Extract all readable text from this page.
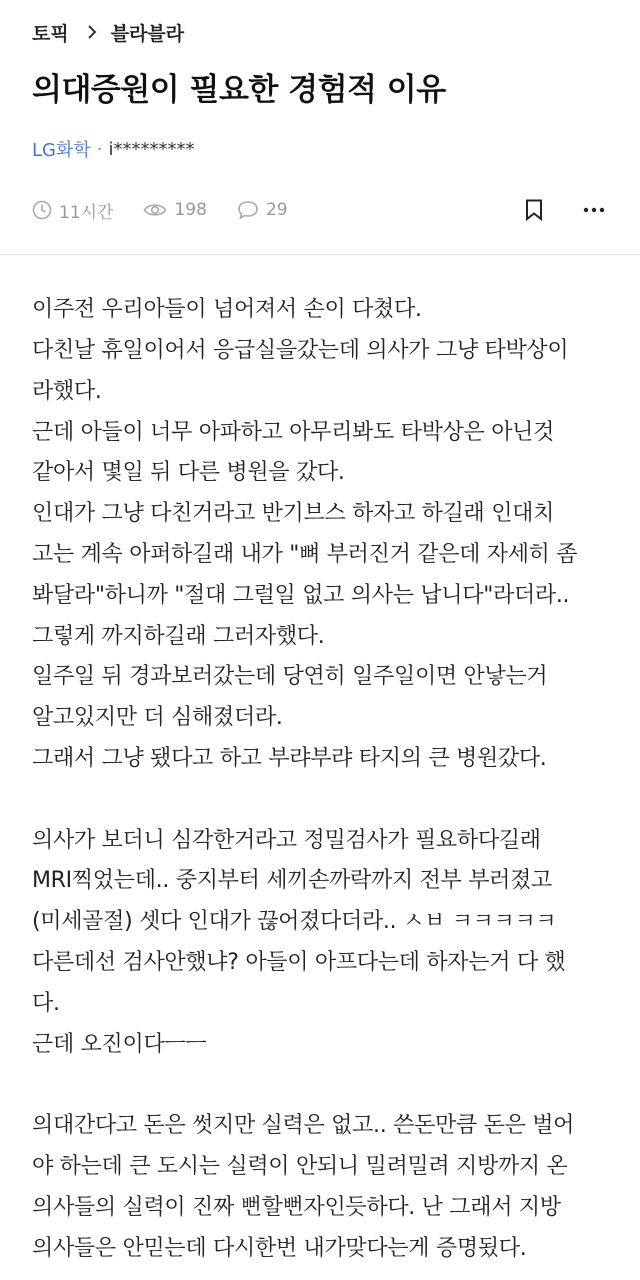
토픽 블라블라
의대증원이 필요한 경험적 이유
LG화학 · i*********
11시간	198	29

이주전 우리아들이 넘어져서 손이 다쳤다.

다친날 휴일이어서 응급실을갔는데 의사가 그냥 타박상이

라했다.

근데 아들이 너무 아파하고 아무리봐도 타박상은 아닌것

같아서 몇일 뒤 다른 병원을 갔다.

인대가 그냥 다친거라고 반기브스 하자고 하길래 인대치

고는 계속 아퍼하길래 내가 "뼈 부러진거 같은데 자세히 좀

봐달라"하니까 "절대 그럴일 없고 의사는 납니다"라더라..

그렇게 까지하길래 그러자했다.

일주일 뒤 경과보러갔는데 당연히 일주일이면 안낳는거

알고있지만 더 심해졌더라.

그래서 그냥 됐다고 하고 부랴부랴 타지의 큰 병원갔다.

의사가 보더니 심각한거라고 정밀검사가 필요하다길래

MRI찍었는데.. 중지부터 세끼손까락까지 전부 부러졌고

(미세골절) 셋다 인대가 끊어졌다더라.. ㅅㅂ ㅋㅋㅋㅋㅋ

다른데선 검사안했냐? 아들이 아프다는데 하자는거 다 했

다.

근데 오진이다ㅡㅡ

의대간다고 돈은 썻지만 실력은 없고.. 쓴돈만큼 돈은 벌어

야 하는데 큰 도시는 실력이 안되니 밀려밀려 지방까지 온

의사들의 실력이 진짜 뻔할뻔자인듯하다. 난 그래서 지방

의사들은 안믿는데 다시한번 내가맞다는게 증명됬다.
